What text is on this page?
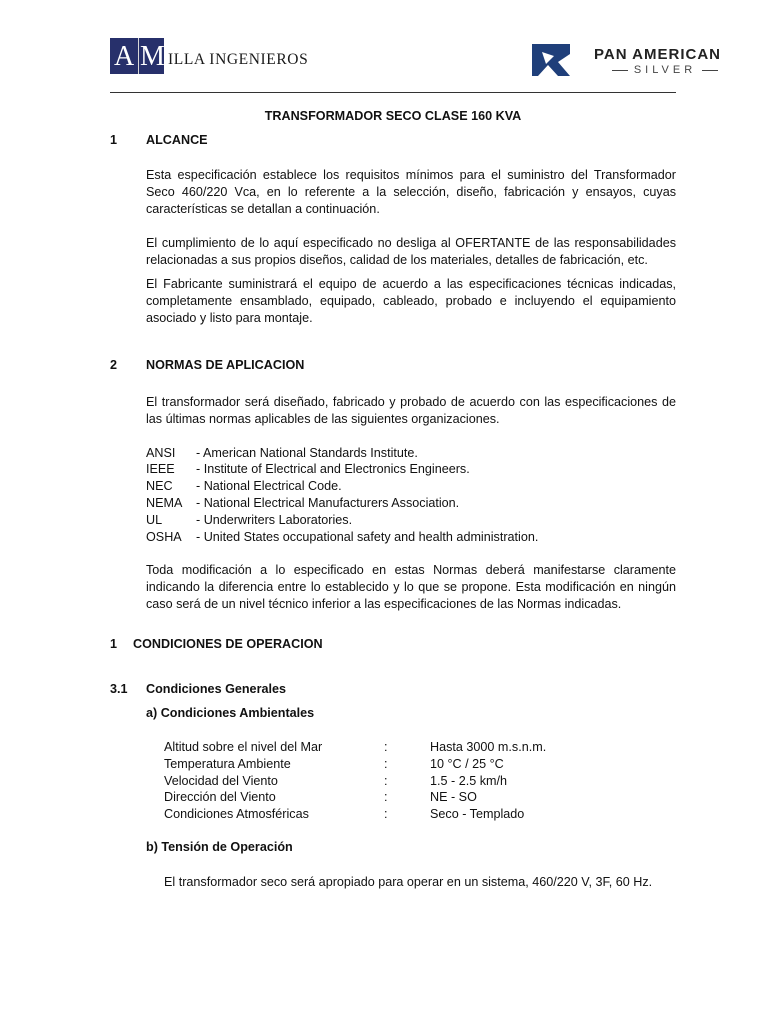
A M ILLA INGENIEROS	PAN AMERICAN
SILVER
TRANSFORMADOR SECO CLASE 160 KVA
1 ALCANCE

Esta especificación establece los requisitos mínimos para el suministro del Transformador Seco 460/220 Vca, en lo referente a la selección, diseño, fabricación y ensayos, cuyas características se detallan a continuación.

El cumplimiento de lo aquí especificado no desliga al OFERTANTE de las responsabilidades relacionadas a sus propios diseños, calidad de los materiales, detalles de fabricación, etc.

El Fabricante suministrará el equipo de acuerdo a las especificaciones técnicas indicadas, completamente ensamblado, equipado, cableado, probado e incluyendo el equipamiento asociado y listo para montaje.

2 NORMAS DE APLICACION

El transformador será diseñado, fabricado y probado de acuerdo con las especificaciones de las últimas normas aplicables de las siguientes organizaciones.

ANSI - American National Standards Institute.
IEEE - Institute of Electrical and Electronics Engineers.
NEC - National Electrical Code.
NEMA - National Electrical Manufacturers Association.
UL	- Underwriters Laboratories.
OSHA - United States occupational safety and health administration.

Toda modificación a lo especificado en estas Normas deberá manifestarse claramente indicando la diferencia entre lo establecido y lo que se propone. Esta modificación en ningún caso será de un nivel técnico inferior a las especificaciones de las Normas indicadas.

1 CONDICIONES DE OPERACION
3.1 Condiciones Generales
a) Condiciones Ambientales
Altitud sobre el nivel del Mar	:	Hasta 3000 m.s.n.m.
Temperatura Ambiente	:	10 °C / 25 °C
Velocidad del Viento	:	1.5 - 2.5 km/h
Dirección del Viento	:	NE - SO
Condiciones Atmosféricas	:	Seco - Templado
b) Tensión de Operación
El transformador seco será apropiado para operar en un sistema, 460/220 V, 3F, 60 Hz.
